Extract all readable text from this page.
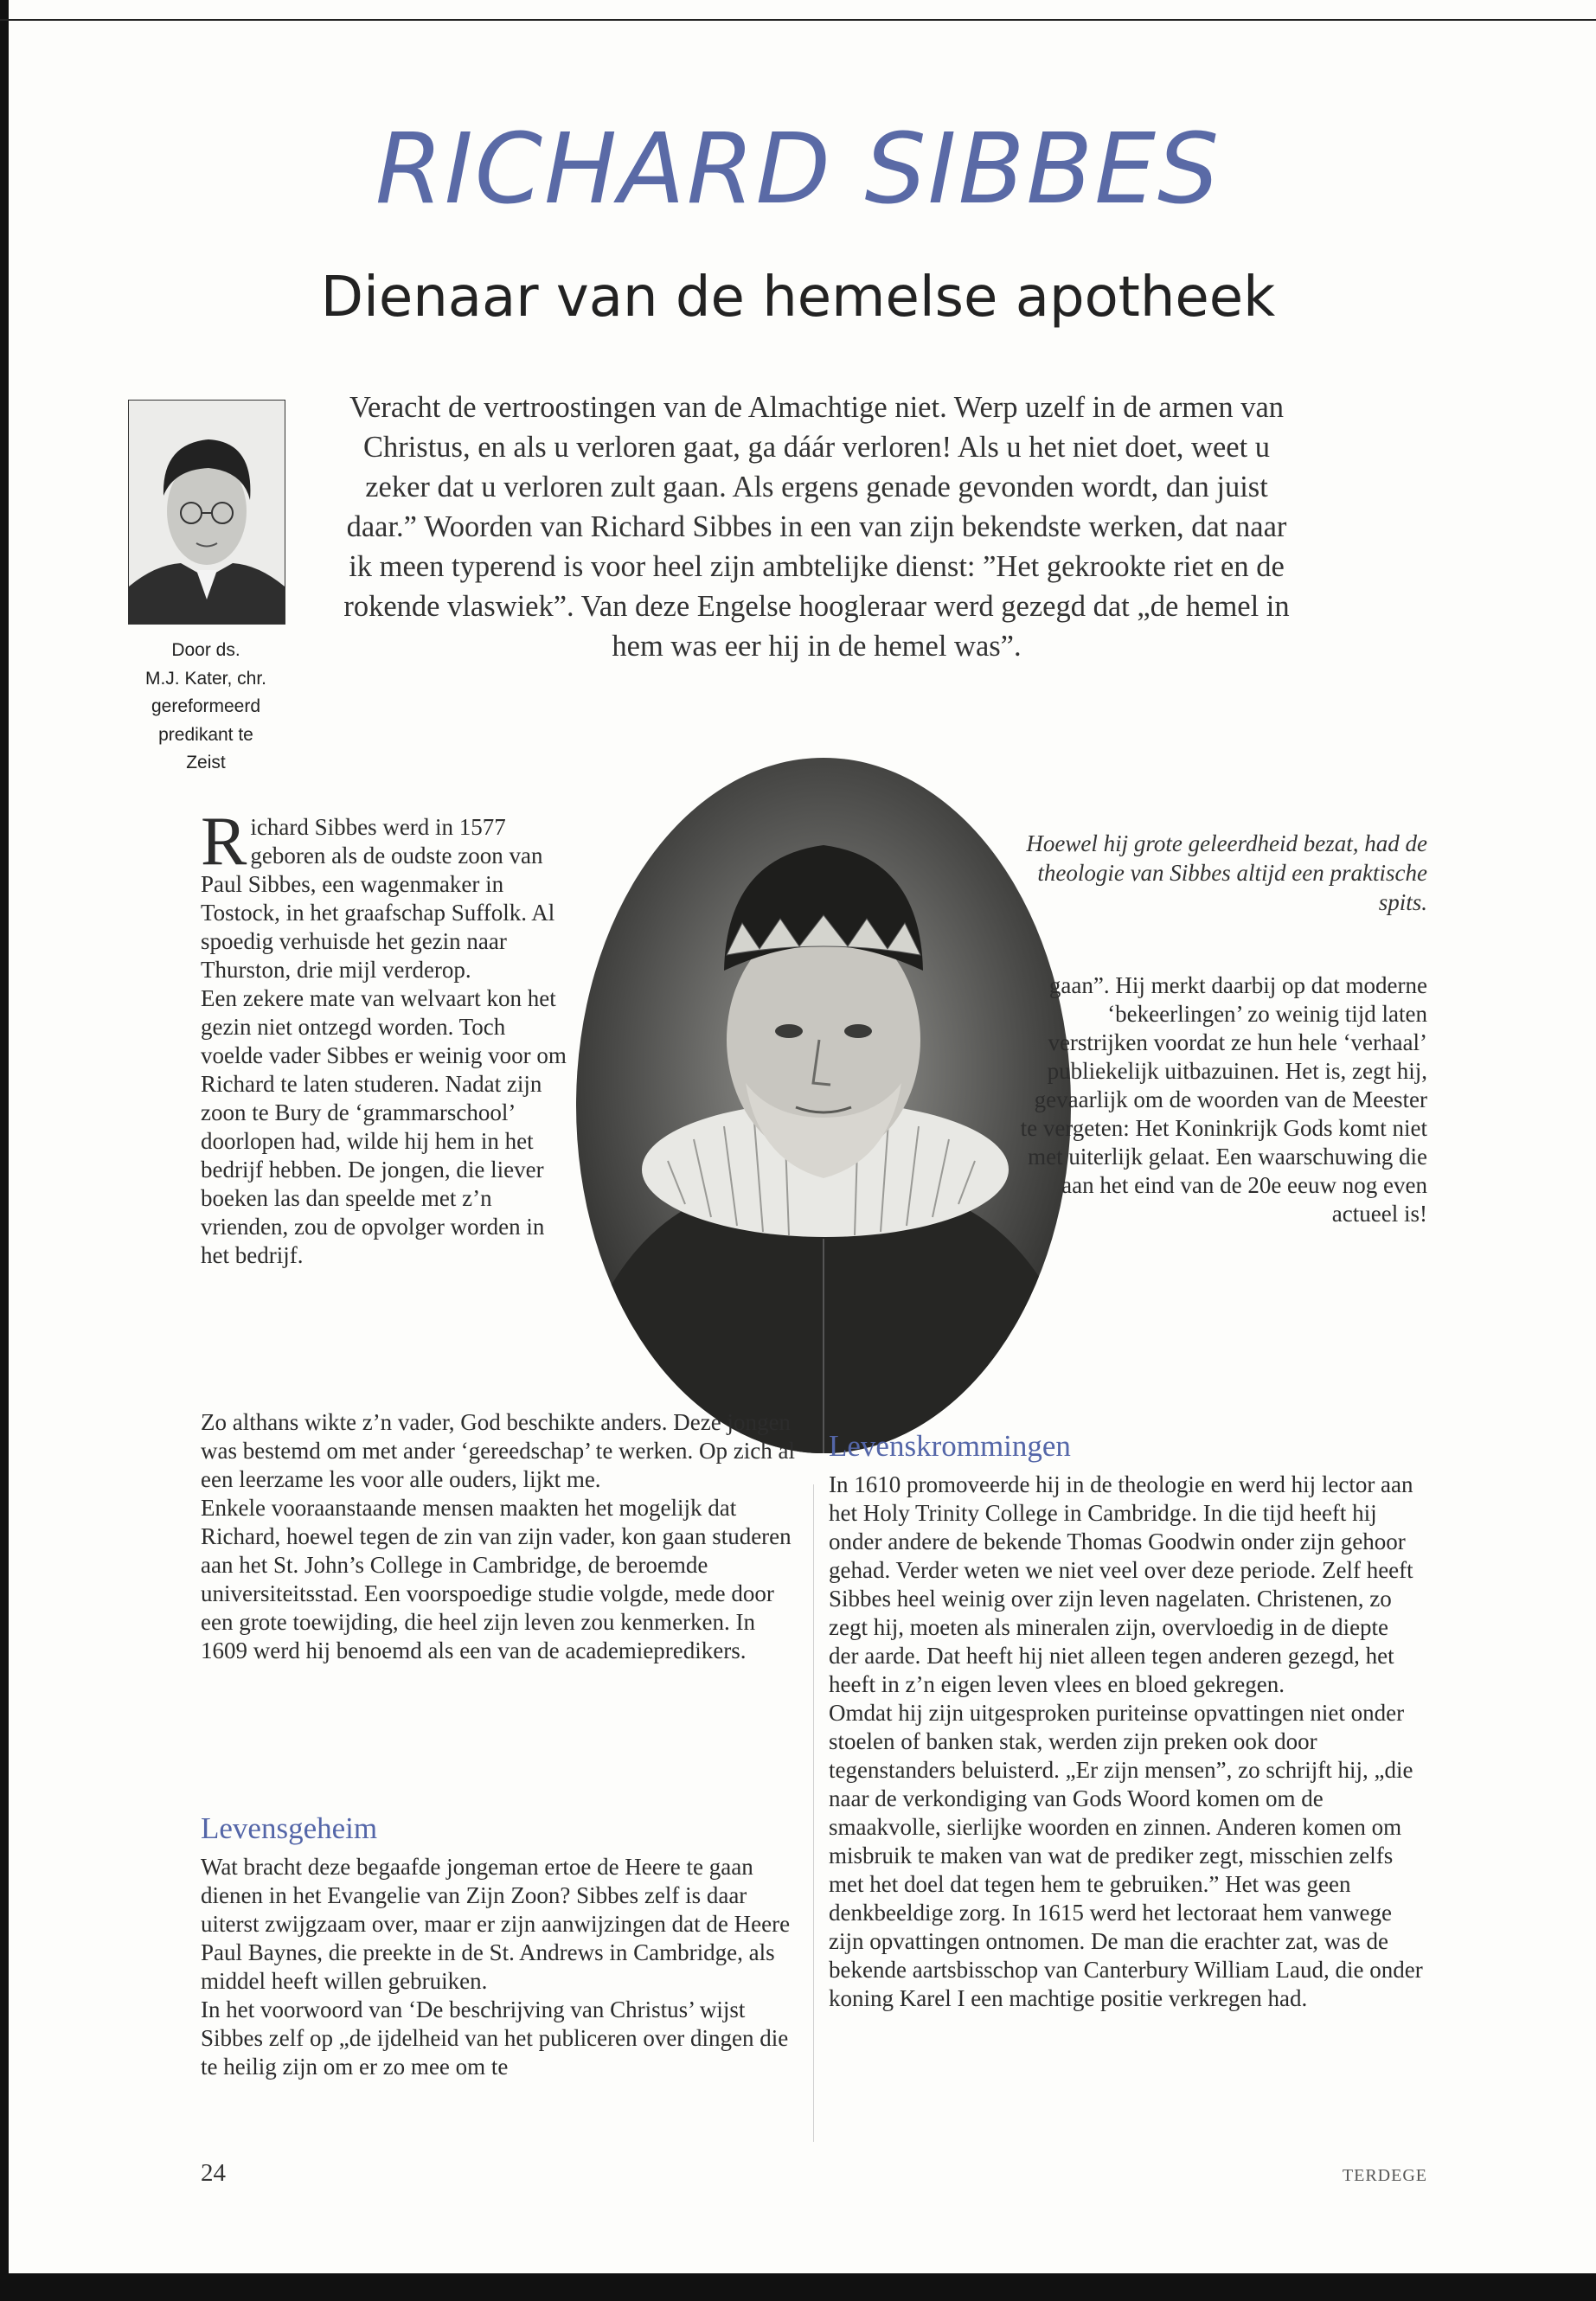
RICHARD SIBBES
Dienaar van de hemelse apotheek
Door ds.
M.J. Kater, chr.
gereformeerd
predikant te
Zeist
Veracht de vertroostingen van de Almachtige niet. Werp uzelf in de armen van Christus, en als u verloren gaat, ga dáár verloren! Als u het niet doet, weet u zeker dat u verloren zult gaan. Als ergens genade gevonden wordt, dan juist daar.” Woorden van Richard Sibbes in een van zijn bekendste werken, dat naar ik meen typerend is voor heel zijn ambtelijke dienst: ”Het gekrookte riet en de rokende vlaswiek”. Van deze Engelse hoogleraar werd gezegd dat „de hemel in hem was eer hij in de hemel was”.
Hoewel hij grote geleerdheid bezat, had de theologie van Sibbes altijd een praktische spits.

Richard Sibbes werd in 1577 geboren als de oudste zoon van Paul Sibbes, een wagenmaker in Tostock, in het graafschap Suffolk. Al spoedig verhuisde het gezin naar Thurston, drie mijl verderop.

Een zekere mate van welvaart kon het gezin niet ontzegd worden. Toch voelde vader Sibbes er weinig voor om Richard te laten studeren. Nadat zijn zoon te Bury de ‘grammarschool’ doorlopen had, wilde hij hem in het bedrijf hebben. De jongen, die liever boeken las dan speelde met z’n vrienden, zou de opvolger worden in het bedrijf.

Zo althans wikte z’n vader, God beschikte anders. Deze jongen was bestemd om met ander ‘gereedschap’ te werken. Op zich al een leerzame les voor alle ouders, lijkt me.

Enkele vooraanstaande mensen maakten het mogelijk dat Richard, hoewel tegen de zin van zijn vader, kon gaan studeren aan het St. John’s College in Cambridge, de beroemde universiteitsstad. Een voorspoedige studie volgde, mede door een grote toewijding, die heel zijn leven zou kenmerken. In 1609 werd hij benoemd als een van de academiepredikers.

gaan”. Hij merkt daarbij op dat moderne ‘bekeerlingen’ zo weinig tijd laten verstrijken voordat ze hun hele ‘verhaal’ publiekelijk uitbazuinen. Het is, zegt hij, gevaarlijk om de woorden van de Meester te vergeten: Het Koninkrijk Gods komt niet met uiterlijk gelaat. Een waarschuwing die aan het eind van de 20e eeuw nog even actueel is!

Levenskrommingen

In 1610 promoveerde hij in de theologie en werd hij lector aan het Holy Trinity College in Cambridge. In die tijd heeft hij onder andere de bekende Thomas Goodwin onder zijn gehoor gehad. Verder weten we niet veel over deze periode. Zelf heeft Sibbes heel weinig over zijn leven nagelaten. Christenen, zo zegt hij, moeten als mineralen zijn, overvloedig in de diepte der aarde. Dat heeft hij niet alleen tegen anderen gezegd, het heeft in z’n eigen leven vlees en bloed gekregen.

Omdat hij zijn uitgesproken puriteinse opvattingen niet onder stoelen of banken stak, werden zijn preken ook door tegenstanders beluisterd. „Er zijn mensen”, zo schrijft hij, „die naar de verkondiging van Gods Woord komen om de smaakvolle, sierlijke woorden en zinnen. Anderen komen om misbruik te maken van wat de prediker zegt, misschien zelfs met het doel dat tegen hem te gebruiken.” Het was geen denkbeeldige zorg. In 1615 werd het lectoraat hem vanwege zijn opvattingen ontnomen. De man die erachter zat, was de bekende aartsbisschop van Canterbury William Laud, die onder koning Karel I een machtige positie verkregen had.

Levensgeheim

Wat bracht deze begaafde jongeman ertoe de Heere te gaan dienen in het Evangelie van Zijn Zoon? Sibbes zelf is daar uiterst zwijgzaam over, maar er zijn aanwijzingen dat de Heere Paul Baynes, die preekte in de St. Andrews in Cambridge, als middel heeft willen gebruiken.

In het voorwoord van ‘De beschrijving van Christus’ wijst Sibbes zelf op „de ijdelheid van het publiceren over dingen die te heilig zijn om er zo mee om te

24	TERDEGE
